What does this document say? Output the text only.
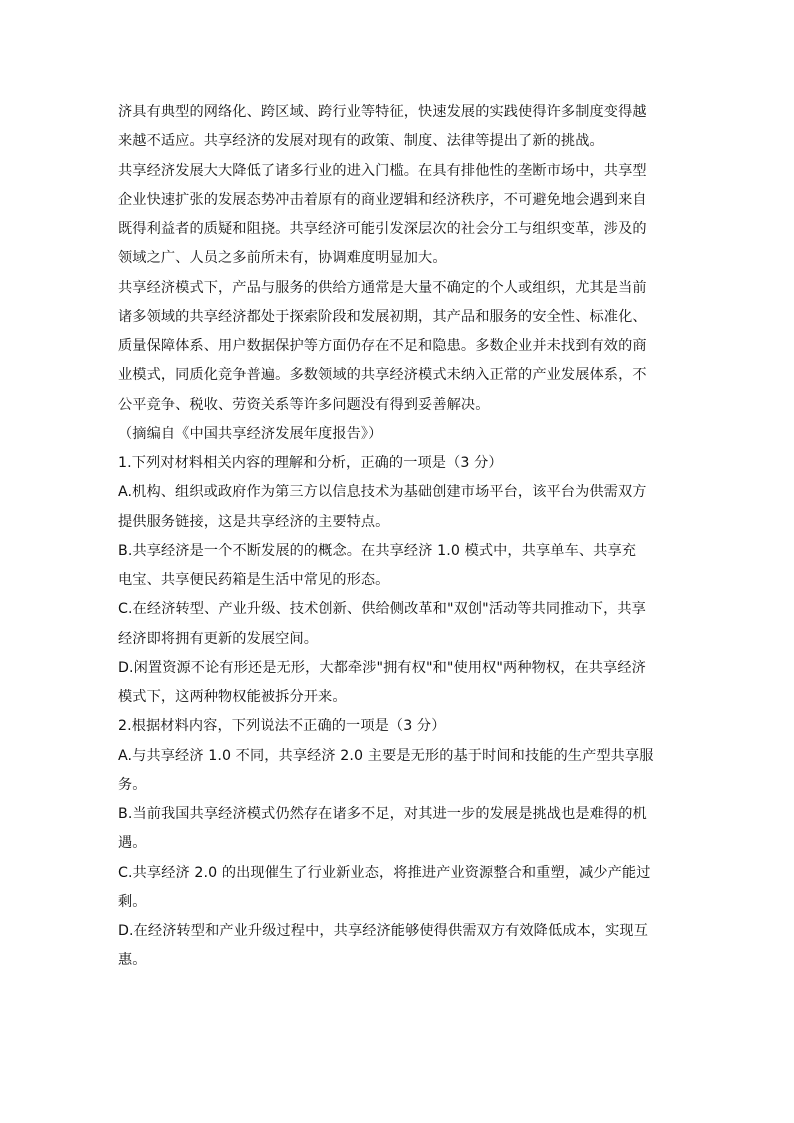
济具有典型的网络化、跨区域、跨行业等特征，快速发展的实践使得许多制度变得越
来越不适应。共享经济的发展对现有的政策、制度、法律等提出了新的挑战。
共享经济发展大大降低了诸多行业的进入门槛。在具有排他性的垄断市场中，共享型
企业快速扩张的发展态势冲击着原有的商业逻辑和经济秩序，不可避免地会遇到来自
既得利益者的质疑和阻挠。共享经济可能引发深层次的社会分工与组织变革，涉及的
领域之广、人员之多前所未有，协调难度明显加大。
共享经济模式下，产品与服务的供给方通常是大量不确定的个人或组织，尤其是当前
诸多领域的共享经济都处于探索阶段和发展初期，其产品和服务的安全性、标准化、
质量保障体系、用户数据保护等方面仍存在不足和隐患。多数企业并未找到有效的商
业模式，同质化竞争普遍。多数领域的共享经济模式未纳入正常的产业发展体系，不
公平竞争、税收、劳资关系等许多问题没有得到妥善解决。
（摘编自《中国共享经济发展年度报告》）
1.下列对材料相关内容的理解和分析，正确的一项是（3 分）
A.机构、组织或政府作为第三方以信息技术为基础创建市场平台，该平台为供需双方
提供服务链接，这是共享经济的主要特点。
B.共享经济是一个不断发展的的概念。在共享经济 1.0 模式中，共享单车、共享充
电宝、共享便民药箱是生活中常见的形态。
C.在经济转型、产业升级、技术创新、供给侧改革和"双创"活动等共同推动下，共享
经济即将拥有更新的发展空间。
D.闲置资源不论有形还是无形，大都牵涉"拥有权"和"使用权"两种物权，在共享经济
模式下，这两种物权能被拆分开来。
2.根据材料内容，下列说法不正确的一项是（3 分）
A.与共享经济 1.0 不同，共享经济 2.0 主要是无形的基于时间和技能的生产型共享服
务。
B.当前我国共享经济模式仍然存在诸多不足，对其进一步的发展是挑战也是难得的机
遇。
C.共享经济 2.0 的出现催生了行业新业态，将推进产业资源整合和重塑，减少产能过
剩。
D.在经济转型和产业升级过程中，共享经济能够使得供需双方有效降低成本，实现互
惠。
